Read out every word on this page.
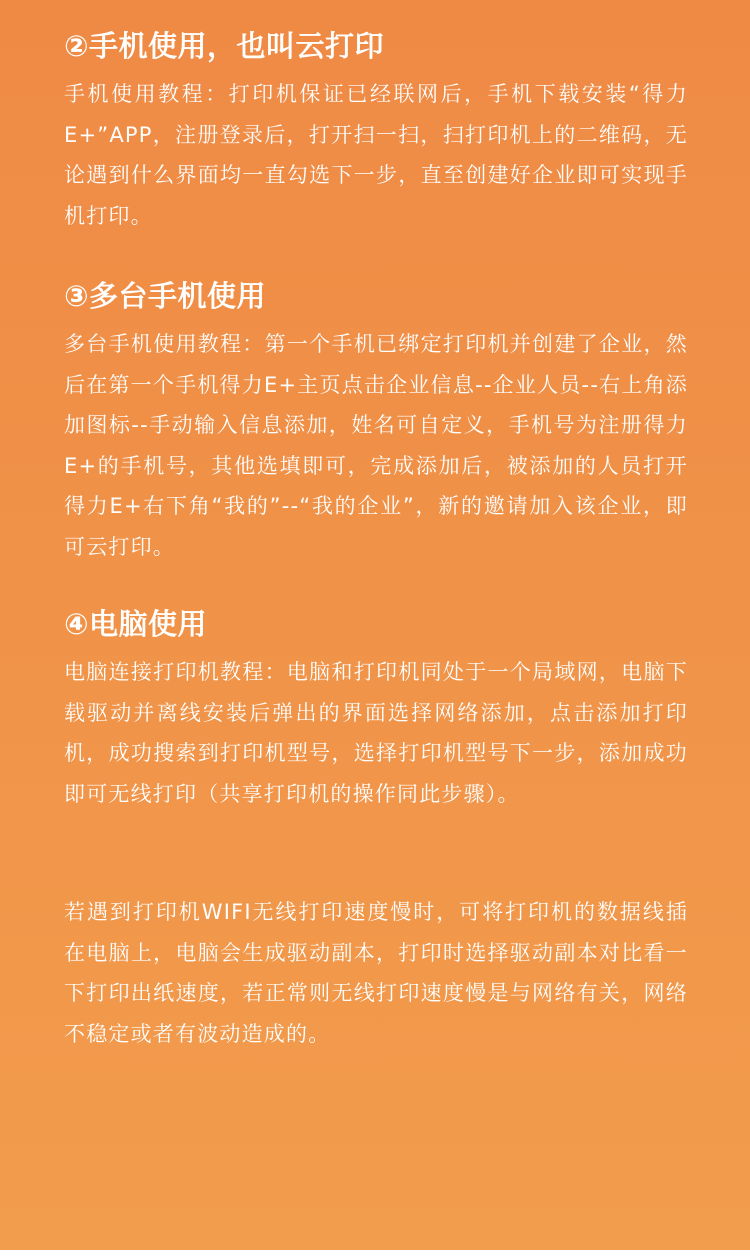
②手机使用，也叫云打印

手机使用教程：打印机保证已经联网后，手机下载安装“得力E+”APP，注册登录后，打开扫一扫，扫打印机上的二维码，无论遇到什么界面均一直勾选下一步，直至创建好企业即可实现手机打印。

③多台手机使用

多台手机使用教程：第一个手机已绑定打印机并创建了企业，然后在第一个手机得力E+主页点击企业信息--企业人员--右上角添加图标--手动输入信息添加，姓名可自定义，手机号为注册得力E+的手机号，其他选填即可，完成添加后，被添加的人员打开得力E+右下角“我的”--“我的企业”，新的邀请加入该企业，即可云打印。

④电脑使用

电脑连接打印机教程：电脑和打印机同处于一个局域网，电脑下载驱动并离线安装后弹出的界面选择网络添加，点击添加打印机，成功搜索到打印机型号，选择打印机型号下一步，添加成功即可无线打印（共享打印机的操作同此步骤）。

若遇到打印机WIFI无线打印速度慢时，可将打印机的数据线插在电脑上，电脑会生成驱动副本，打印时选择驱动副本对比看一下打印出纸速度，若正常则无线打印速度慢是与网络有关，网络不稳定或者有波动造成的。
